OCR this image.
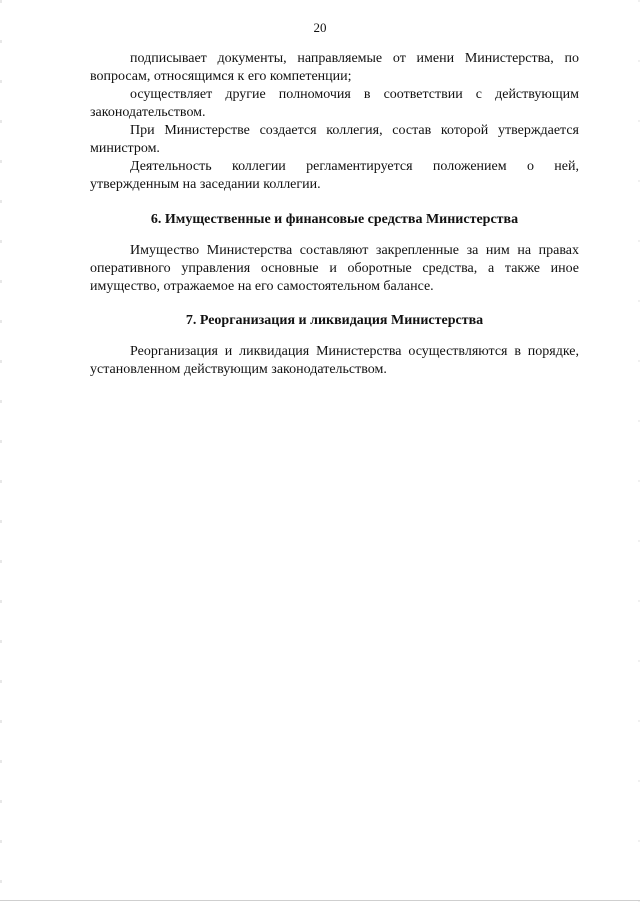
20

подписывает документы, направляемые от имени Министерства, по вопросам, относящимся к его компетенции;

осуществляет другие полномочия в соответствии с действующим законодательством.

При Министерстве создается коллегия, состав которой утверждается министром.

Деятельность коллегии регламентируется положением о ней, утвержденным на заседании коллегии.

6. Имущественные и финансовые средства Министерства

Имущество Министерства составляют закрепленные за ним на правах оперативного управления основные и оборотные средства, а также иное имущество, отражаемое на его самостоятельном балансе.

7. Реорганизация и ликвидация Министерства

Реорганизация и ликвидация Министерства осуществляются в порядке, установленном действующим законодательством.
